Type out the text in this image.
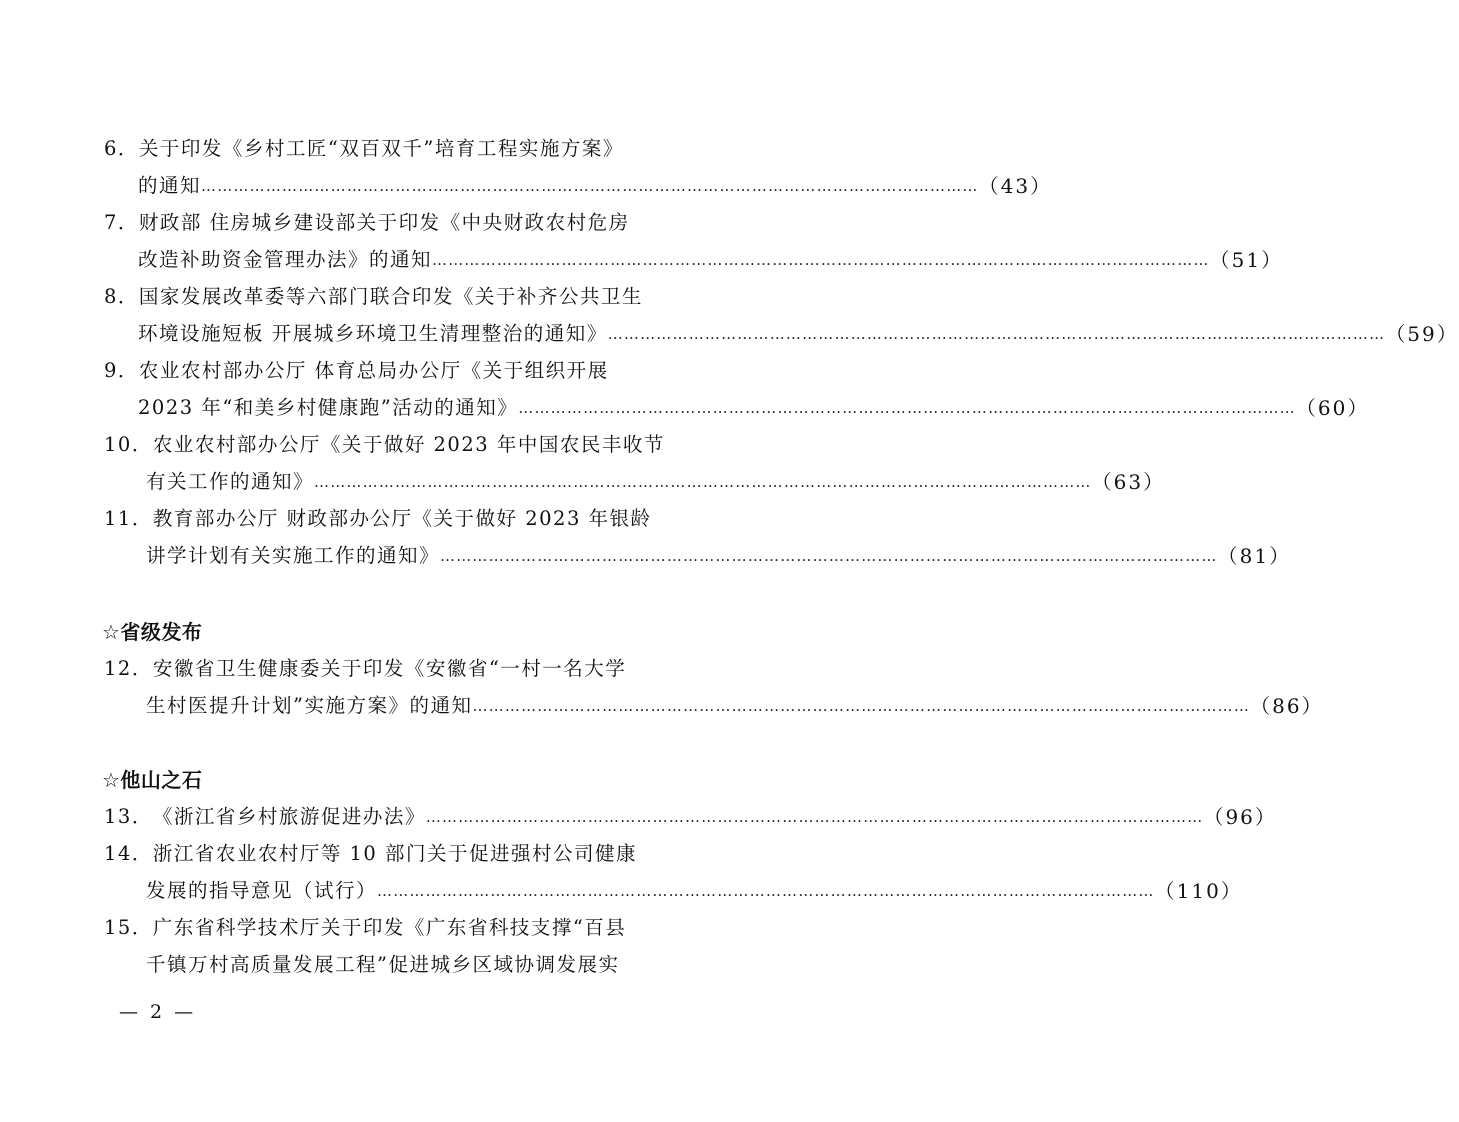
6．关于印发《乡村工匠“双百双千”培育工程实施方案》
的通知 ……………………………………………………………………………………………………………………………… （43）
7．财政部 住房城乡建设部关于印发《中央财政农村危房
改造补助资金管理办法》的通知 ……………………………………………………………………………………………………………………………… （51）
8．国家发展改革委等六部门联合印发《关于补齐公共卫生
环境设施短板 开展城乡环境卫生清理整治的通知》 ……………………………………………………………………………………………………………………………… （59）
9．农业农村部办公厅 体育总局办公厅《关于组织开展
2023 年“和美乡村健康跑”活动的通知》 ……………………………………………………………………………………………………………………………… （60）
10．农业农村部办公厅《关于做好 2023 年中国农民丰收节
有关工作的通知》 ……………………………………………………………………………………………………………………………… （63）
11．教育部办公厅 财政部办公厅《关于做好 2023 年银龄
讲学计划有关实施工作的通知》 ……………………………………………………………………………………………………………………………… （81）
☆省级发布
12．安徽省卫生健康委关于印发《安徽省“一村一名大学
生村医提升计划”实施方案》的通知 ……………………………………………………………………………………………………………………………… （86）
☆他山之石
13． 《浙江省乡村旅游促进办法》 ……………………………………………………………………………………………………………………………… （96）
14．浙江省农业农村厅等 10 部门关于促进强村公司健康
发展的指导意见（试行） ……………………………………………………………………………………………………………………………… （110）
15．广东省科学技术厅关于印发《广东省科技支撑“百县
千镇万村高质量发展工程”促进城乡区域协调发展实
— 2 —
